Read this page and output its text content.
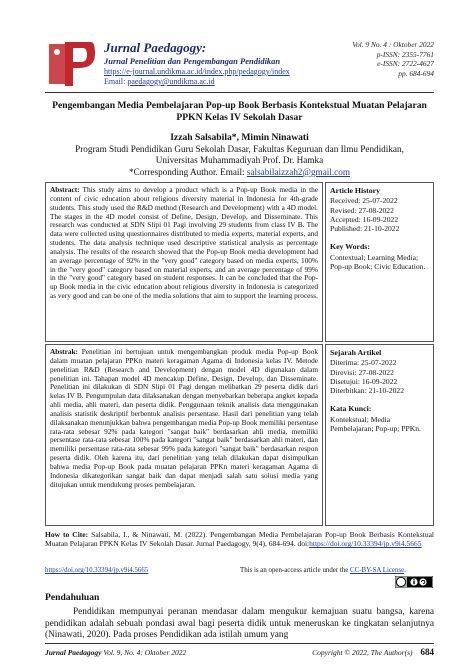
Jurnal Paedagogy:
Jurnal Penelitian dan Pengembangan Pendidikan
https://e-journal.undikma.ac.id/index.php/pedagogy/index
Email: paedagogy@undikma.ac.id
Vol. 9 No. 4 : Oktober 2022
p-ISSN: 2355-7761
e-ISSN: 2722-4627
pp. 684-694
Pengembangan Media Pembelajaran Pop-up Book Berbasis Kontekstual Muatan Pelajaran PPKN Kelas IV Sekolah Dasar
Izzah Salsabila*, Mimin Ninawati
Program Studi Pendidikan Guru Sekolah Dasar, Fakultas Keguruan dan Ilmu Pendidikan,
Universitas Muhammadiyah Prof. Dr. Hamka
*Corresponding Author. Email: salsabilaizzah2@gmail.com
Abstract: This study aims to develop a product which is a Pop-up Book media in the content of civic education about religious diversity material in Indonesia for 4th-grade students. This study used the R&D method (Research and Development) with a 4D model. The stages in the 4D model consist of Define, Design, Develop, and Disseminate. This research was conducted at SDN Slipi 01 Pagi involving 29 students from class IV B. The data were collected using questionnaires distributed to media experts, material experts, and students. The data analysis technique used descriptive statistical analysis as percentage analysis. The results of the research showed that the Pop-up Book media development had an average percentage of 92% in the "very good" category based on media experts, 100% in the "very good" category based on material experts, and an average percentage of 99% in the "very good" category based on student responses. It can be concluded that the Pop-up Book media in the civic education about religious diversity in Indonesia is categorized as very good and can be one of the media solutions that aim to support the learning process.
Article History
Received: 25-07-2022
Revised: 27-08-2022
Accepted: 16-09-2022
Published: 21-10-2022
Key Words:
Contextual; Learning Media; Pop-up Book; Civic Education.
Abstrak: Penelitian ini bertujuan untuk mengembangkan produk media Pop-up Book dalam muatan pelajaran PPKn materi keragaman Agama di Indonesia kelas IV. Metode penelitian R&D (Research and Development) dengan model 4D digunakan dalam penelitian ini. Tahapan model 4D mencakup Define, Design, Develop, dan Disseminate. Penelitian ini dilakukan di SDN Slipi 01 Pagi dengan melibatkan 29 peserta didik dari kelas IV B. Pengumpulan data dilaksanakan dengan menyebarkan beberapa angket kepada ahli media, ahli materi, dan peserta didik. Penggunaan teknik analisis data menggunakan analisis statistik deskriptif berbentuk analisis persentase. Hasil dari penelitian yang telah dilaksanakan menunjukkan bahwa pengembangan media Pop-up Book memiliki persentase rata-rata sebesar 92% pada kategori "sangat baik" berdasarkan ahli media, memiliki persentase rata-rata sebesar 100% pada kategori "sangat baik" berdasarkan ahli materi, dan memiliki persentase rata-rata sebesar 99% pada kategori "sangat baik" berdasarkan respon peserta didik. Oleh karena itu, dari penelitian yang telah dilakukan dapat disimpulkan bahwa media Pop-up Book pada muatan pelajaran PPKn materi keragaman Agama di Indonesia dikategorikan sangat baik dan dapat menjadi salah satu solusi media yang ditujukan untuk mendukung proses pembelajaran.
Sejarah Artikel
Diterima: 25-07-2022
Direvisi: 27-08-2022
Disetujui: 16-09-2022
Diterbitkan: 21-10-2022
Kata Kunci:
Kontekstual; Media Pembelajaran; Pop-up; PPKn.
How to Cite: Salsabila, I., & Ninawati, M. (2022). Pengembangan Media Pembelajaran Pop-up Book Berbasis Kontekstual Muatan Pelajaran PPKN Kelas IV Sekolah Dasar. Jurnal Paedagogy, 9(4), 684-694. doi:https://doi.org/10.33394/jp.v9i4.5665
https://doi.org/10.33394/jp.v9i4.5665	This is an open-access article under the CC-BY-SA License.
Pendahuluan
Pendidikan mempunyai peranan mendasar dalam mengukur kemajuan suatu bangsa, karena pendidikan adalah sebuah pondasi awal bagi peserta didik untuk meneruskan ke tingkatan selanjutnya (Ninawati, 2020). Pada proses Pendidikan ada istilah umum yang
Jurnal Paedagogy Vol. 9, No. 4: Oktober 2022	Copyright © 2022, The Author(s) 684
